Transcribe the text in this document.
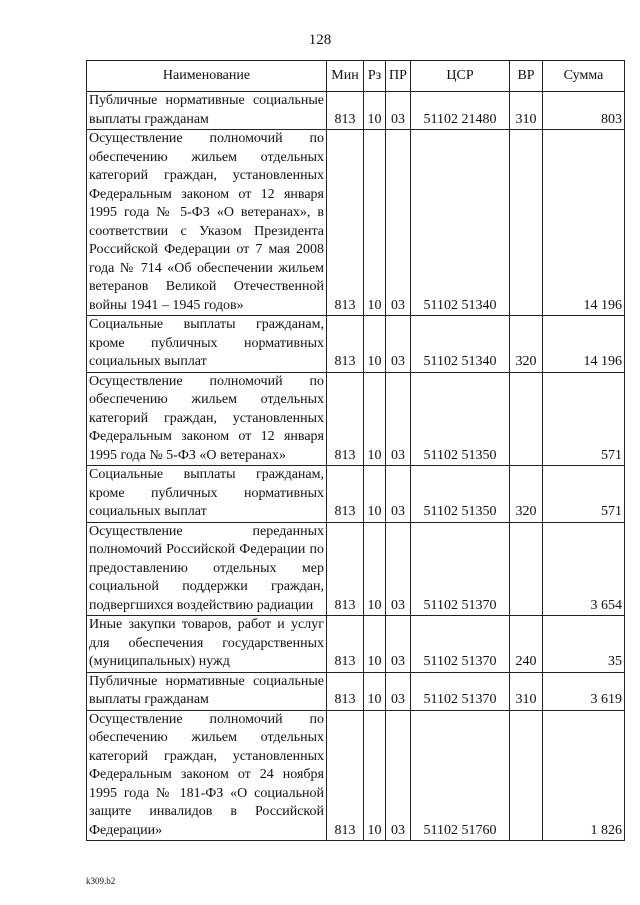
128
Наименование	Мин	Рз	ПР	ЦСР	ВР	Сумма
Публичные нормативные социальные выплаты гражданам	813	10	03	51102 21480	310	803
Осуществление полномочий по обеспечению жильем отдельных категорий граждан, установленных Федеральным законом от 12 января 1995 года № 5-ФЗ «О ветеранах», в соответствии с Указом Президента Российской Федерации от 7 мая 2008 года № 714 «Об обеспечении жильем ветеранов Великой Отечественной войны 1941 – 1945 годов»	813	10	03	51102 51340		14 196
Социальные выплаты гражданам, кроме публичных нормативных социальных выплат	813	10	03	51102 51340	320	14 196
Осуществление полномочий по обеспечению жильем отдельных категорий граждан, установленных Федеральным законом от 12 января 1995 года № 5-ФЗ «О ветеранах»	813	10	03	51102 51350		571
Социальные выплаты гражданам, кроме публичных нормативных социальных выплат	813	10	03	51102 51350	320	571
Осуществление переданных полномочий Российской Федерации по предоставлению отдельных мер социальной поддержки граждан, подвергшихся воздействию радиации	813	10	03	51102 51370		3 654
Иные закупки товаров, работ и услуг для обеспечения государственных (муниципальных) нужд	813	10	03	51102 51370	240	35
Публичные нормативные социальные выплаты гражданам	813	10	03	51102 51370	310	3 619
Осуществление полномочий по обеспечению жильем отдельных категорий граждан, установленных Федеральным законом от 24 ноября 1995 года № 181-ФЗ «О социальной защите инвалидов в Российской Федерации»	813	10	03	51102 51760		1 826
k309.b2
